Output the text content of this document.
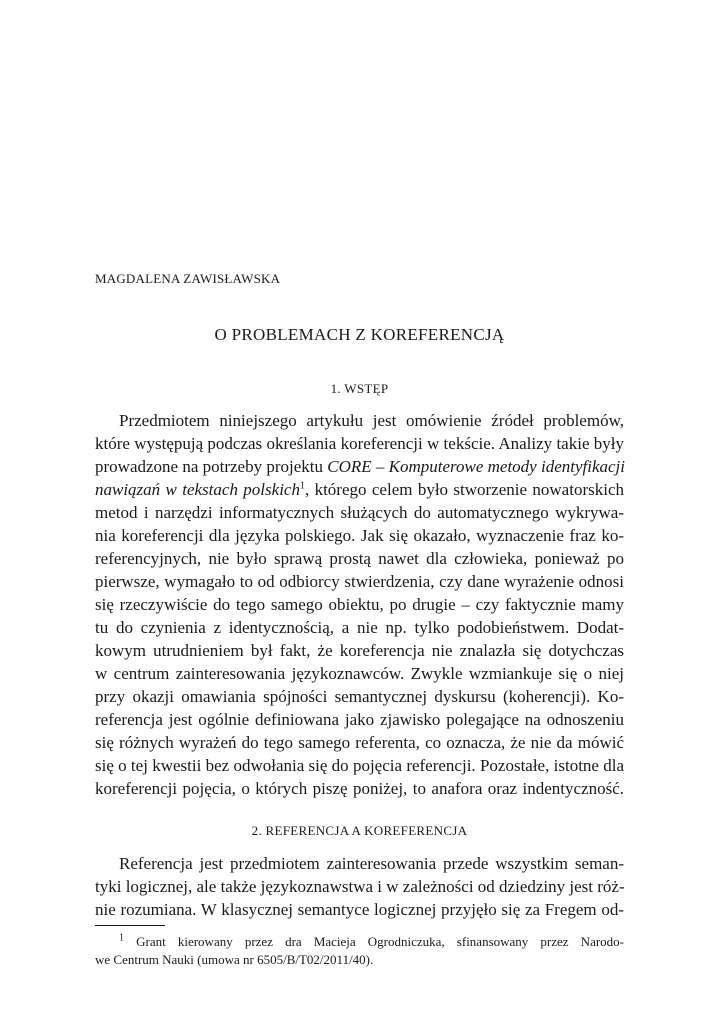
MAGDALENA ZAWISŁAWSKA
O PROBLEMACH Z KOREFERENCJĄ
1. WSTĘP
Przedmiotem niniejszego artykułu jest omówienie źródeł problemów,
które występują podczas określania koreferencji w tekście. Analizy takie były
prowadzone na potrzeby projektu CORE – Komputerowe metody identyfikacji
nawiązań w tekstach polskich$^1$, którego celem było stworzenie nowatorskich
metod i narzędzi informatycznych służących do automatycznego wykrywa-
nia koreferencji dla języka polskiego. Jak się okazało, wyznaczenie fraz ko-
referencyjnych, nie było sprawą prostą nawet dla człowieka, ponieważ po
pierwsze, wymagało to od odbiorcy stwierdzenia, czy dane wyrażenie odnosi
się rzeczywiście do tego samego obiektu, po drugie – czy faktycznie mamy
tu do czynienia z identycznością, a nie np. tylko podobieństwem. Dodat-
kowym utrudnieniem był fakt, że koreferencja nie znalazła się dotychczas
w centrum zainteresowania językoznawców. Zwykle wzmiankuje się o niej
przy okazji omawiania spójności semantycznej dyskursu (koherencji). Ko-
referencja jest ogólnie definiowana jako zjawisko polegające na odnoszeniu
się różnych wyrażeń do tego samego referenta, co oznacza, że nie da mówić
się o tej kwestii bez odwołania się do pojęcia referencji. Pozostałe, istotne dla
koreferencji pojęcia, o których piszę poniżej, to anafora oraz indentyczność.
2. REFERENCJA A KOREFERENCJA
Referencja jest przedmiotem zainteresowania przede wszystkim seman-
tyki logicznej, ale także językoznawstwa i w zależności od dziedziny jest róż-
nie rozumiana. W klasycznej semantyce logicznej przyjęło się za Fregem od-
$^1$ Grant kierowany przez dra Macieja Ogrodniczuka, sfinansowany przez Narodo-
we Centrum Nauki (umowa nr 6505/B/T02/2011/40).
